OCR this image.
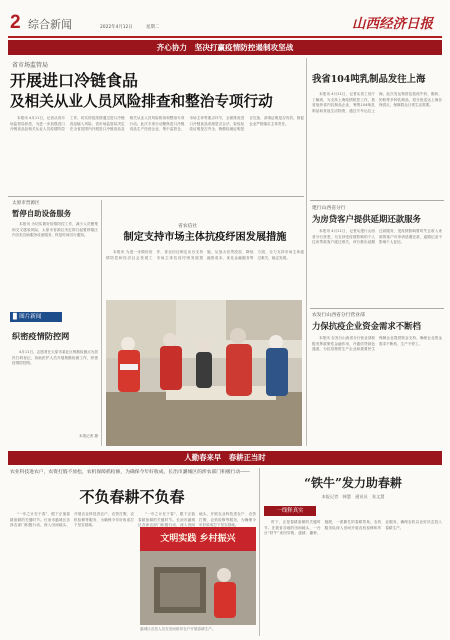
2 综合新闻	2022年4月12日	星期二	山西经济日报
齐心协力　坚决打赢疫情防控遏制攻坚战
省市场监管局
开展进口冷链食品
及相关从业人员风险排查和整治专项行动

本报讯 4月11日，记者从省市场监管局获悉，为进一步加强进口冷链食品及相关从业人员疫情防控工作，切实防范疫情通过进口冷链食品输入风险，省市场监管局决定在全省范围内开展进口冷链食品及相关从业人员风险排查和整治专项行动。此次专项行动聚焦进口冷链食品生产经营企业、集中监管仓、市场主体等重点环节，全面排查进口冷链食品来源是否合法、检验检疫证明是否齐全、核酸检测证明是否完备、消毒证明是否有效，督促企业严格落实主体责任。

我省104吨乳制品发往上海

本报讯 4月11日，记者从省工信厅了解到，为支持上海疫情防控工作，我省组织省内乳制品企业，筹集104吨乳制品和其他生活物资，通过专车运往上海。此次发运物资包括纯牛奶、酸奶、奶粉等多种乳制品，将分批送达上海各保供点，保障群众日常生活需要。

建行山西省分行
为房贷客户提供延期还款服务

本报讯 4月11日，记者从建行山西省分行获悉，为支持受疫情影响的个人住房贷款客户渡过难关，该行推出延期还款服务，受疫情影响暂时失去收入来源的客户可申请延期还款，逾期记录不影响个人征信。

农发行山西省分行营业部
力保抗疫企业资金需求不断档

本报讯 农发行山西省分行营业部积极发挥政策性金融作用，开通信贷绿色通道，为抗疫物资生产企业和重要民生保障企业提供资金支持，确保企业资金需求不断档、生产不停工。

太原市晋源区
暂停自助设备服务

本报讯 为切实做好疫情防控工作，减少人员聚集和交叉感染风险，太原市晋源区决定即日起暂停辖区内各类自助服务设备服务，恢复时间另行通知。

▉ 图片新闻
织密疫情防控网

4月11日，志愿者在太原市某社区核酸检测点为居民扫码登记，协助医护人员开展核酸检测工作，织密疫情防控网。

本报记者 摄
省农信社
制定支持市场主体抗疫纾困发展措施

本报讯 为进一步做好疫情防控和经济社会发展工作，省农信社制定出台支持市场主体抗疫纾困发展措施，从加大信贷投放、降低融资成本、优化金融服务等方面，全力支持市场主体渡过难关，稳定发展。

人勤春来早　春耕正当时
农业科技进农户，农资打假不放松，农机保障抓检修，为确保今年好收成，长治市潞城区的涉农部门积极行动——
不负春耕不负春

“一年之计在于春”，眼下正值春耕备耕的关键时节。长治市潞城区各涉农部门积极行动，深入田间地头，开展农业科技进农户、农资打假、农机检修等服务，为确保今年好收成打下坚实基础。

“一年之计在于春”，眼下正值春耕备耕的关键时节。长治市潞城区各涉农部门积极行动，深入田间地头，开展农业科技进农户、农资打假、农机检修等服务，为确保今年好收成打下坚实基础。

文明实践 乡村振兴
潞城区农技人员在田间指导农户开展春耕生产。
“铁牛”发力助春耕
本报记者　韩慧　通讯员　张文慧
一线释真实

时下，正是春耕备耕的关键时节。在我省各地的田间地头，一台台“铁牛”来回穿梭，旋耕、播种、施肥，一派繁忙的春耕景象。农机服务队深入田间开展农机检修和作业服务，确保农机以良好状态投入春耕生产。
